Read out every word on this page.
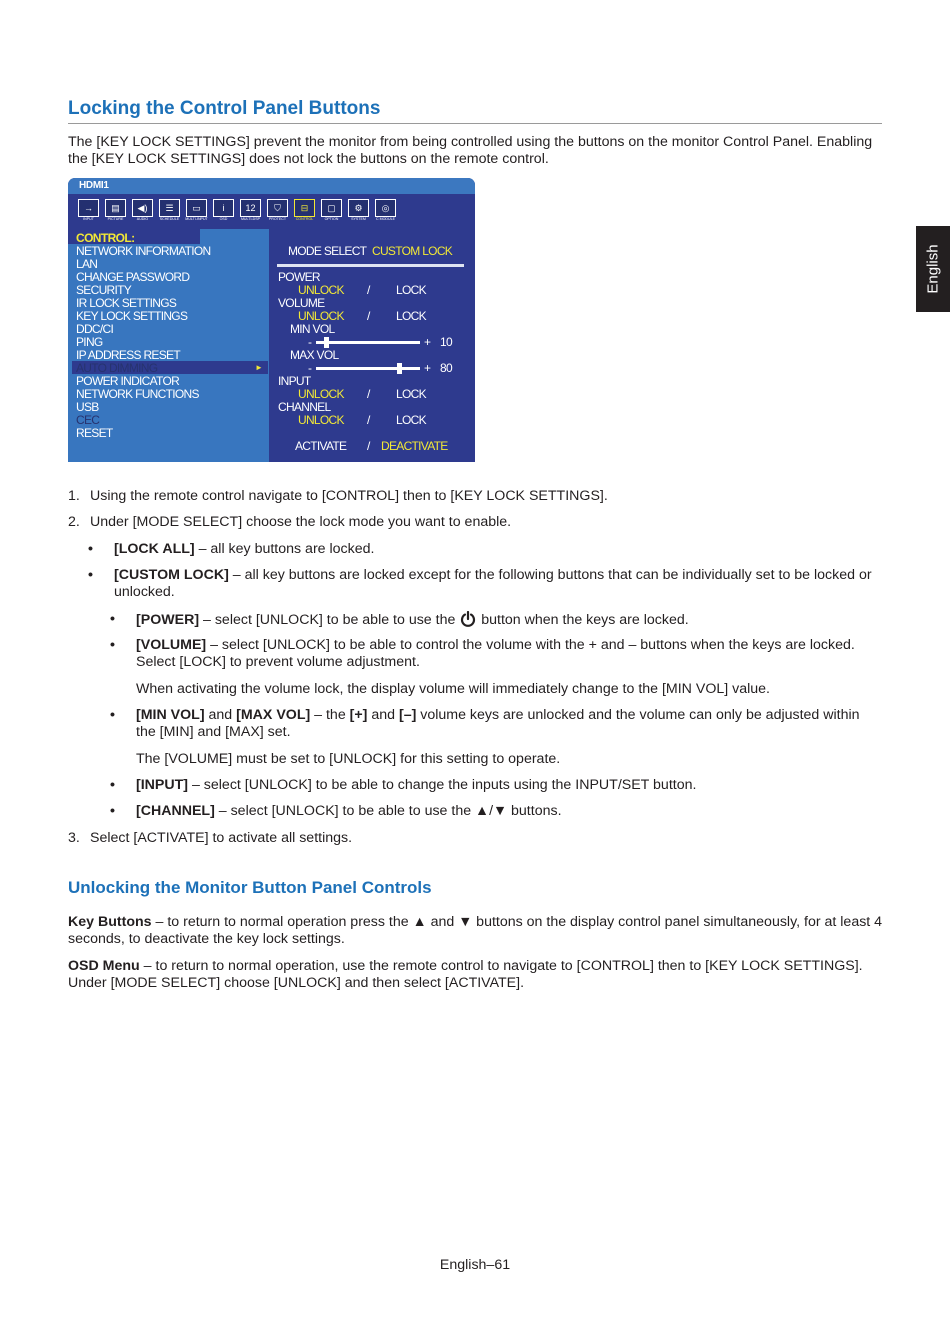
English
Locking the Control Panel Buttons

The [KEY LOCK SETTINGS] prevent the monitor from being controlled using the buttons on the monitor Control Panel. Enabling the [KEY LOCK SETTINGS] does not lock the buttons on the remote control.

HDMI1
→
INPUT
▤
PICTURE
◀)
AUDIO
☰
SCHEDULE
▭
MULTI-INPUT
i
OSD
12
MULTI-DSP
⛉
PROTECT
⊟
CONTROL
▢
OPTION
⚙
SYSTEM
◎
C MODULE
CONTROL:
►
NETWORK INFORMATION
LAN
CHANGE PASSWORD
SECURITY
IR LOCK SETTINGS
KEY LOCK SETTINGS
DDC/CI
PING
IP ADDRESS RESET
AUTO DIMMING
POWER INDICATOR
NETWORK FUNCTIONS
USB
CEC
RESET
MODE SELECT CUSTOM LOCK
POWER
UNLOCK / LOCK
VOLUME
UNLOCK / LOCK
MIN VOL
-	+ 10
MAX VOL
-	+ 80
INPUT
UNLOCK / LOCK
CHANNEL
UNLOCK / LOCK
ACTIVATE / DEACTIVATE
1. Using the remote control navigate to [CONTROL] then to [KEY LOCK SETTINGS].
2. Under [MODE SELECT] choose the lock mode you want to enable.
• [LOCK ALL] – all key buttons are locked.
• [CUSTOM LOCK] – all key buttons are locked except for the following buttons that can be individually set to be locked or unlocked.
• [POWER] – select [UNLOCK] to be able to use the  button when the keys are locked.
• [VOLUME] – select [UNLOCK] to be able to control the volume with the + and – buttons when the keys are locked. Select [LOCK] to prevent volume adjustment.
When activating the volume lock, the display volume will immediately change to the [MIN VOL] value.
• [MIN VOL] and [MAX VOL] – the [+] and [–] volume keys are unlocked and the volume can only be adjusted within the [MIN] and [MAX] set.
The [VOLUME] must be set to [UNLOCK] for this setting to operate.
• [INPUT] – select [UNLOCK] to be able to change the inputs using the INPUT/SET button.
• [CHANNEL] – select [UNLOCK] to be able to use the ▲/▼ buttons.
3. Select [ACTIVATE] to activate all settings.
Unlocking the Monitor Button Panel Controls

Key Buttons – to return to normal operation press the ▲ and ▼ buttons on the display control panel simultaneously, for at least 4 seconds, to deactivate the key lock settings.

OSD Menu – to return to normal operation, use the remote control to navigate to [CONTROL] then to [KEY LOCK SETTINGS]. Under [MODE SELECT] choose [UNLOCK] and then select [ACTIVATE].

English–61
